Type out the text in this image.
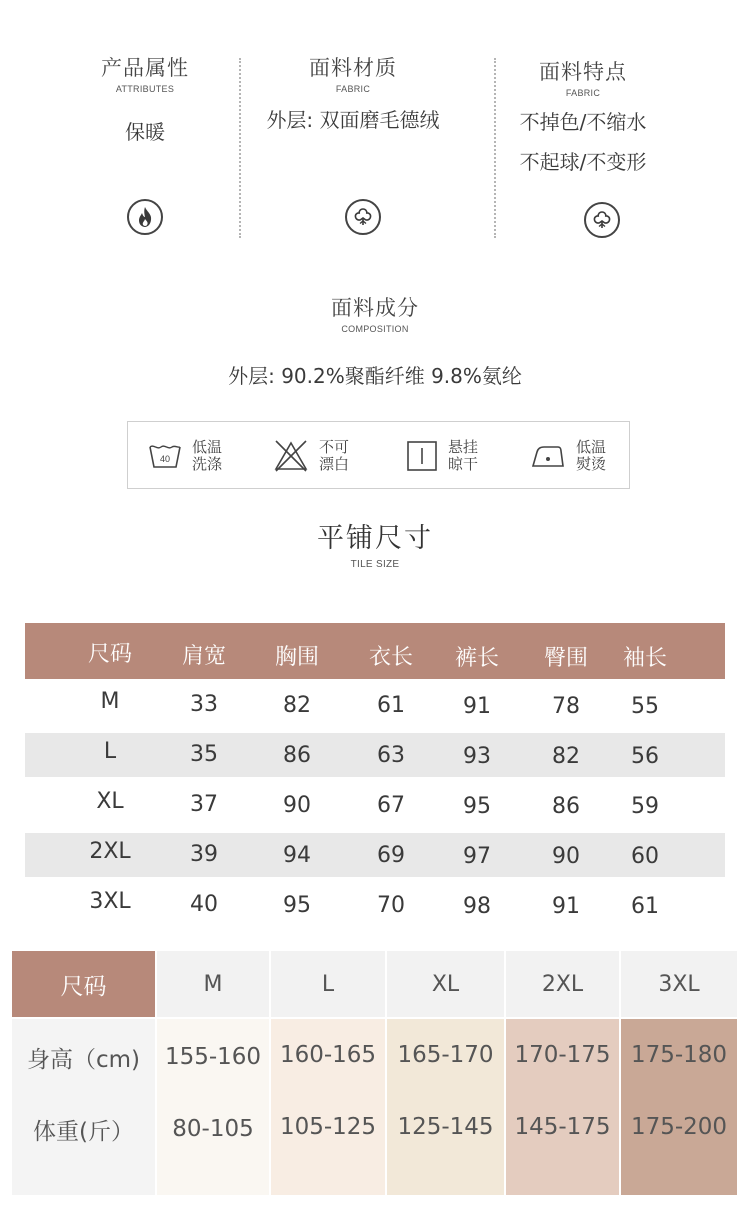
产品属性
ATTRIBUTES
保暖
面料材质
FABRIC
外层: 双面磨毛德绒
面料特点
FABRIC
不掉色/不缩水
不起球/不变形
面料成分
COMPOSITION
外层: 90.2%聚酯纤维 9.8%氨纶
40
低温
洗涤
不可
漂白
悬挂
晾干
低温
熨烫
平铺尺寸
TILE SIZE
尺码	肩宽	胸围	衣长	裤长	臀围	袖长
M	33	82	61	91	78	55
L	35	86	63	93	82	56
XL	37	90	67	95	86	59
2XL	39	94	69	97	90	60
3XL	40	95	70	98	91	61
尺码	M	L	XL	2XL	3XL
身高（cm)	155-160 160-165 165-170 170-175 175-180
体重(斤）	80-105	105-125 125-145 145-175 175-200
